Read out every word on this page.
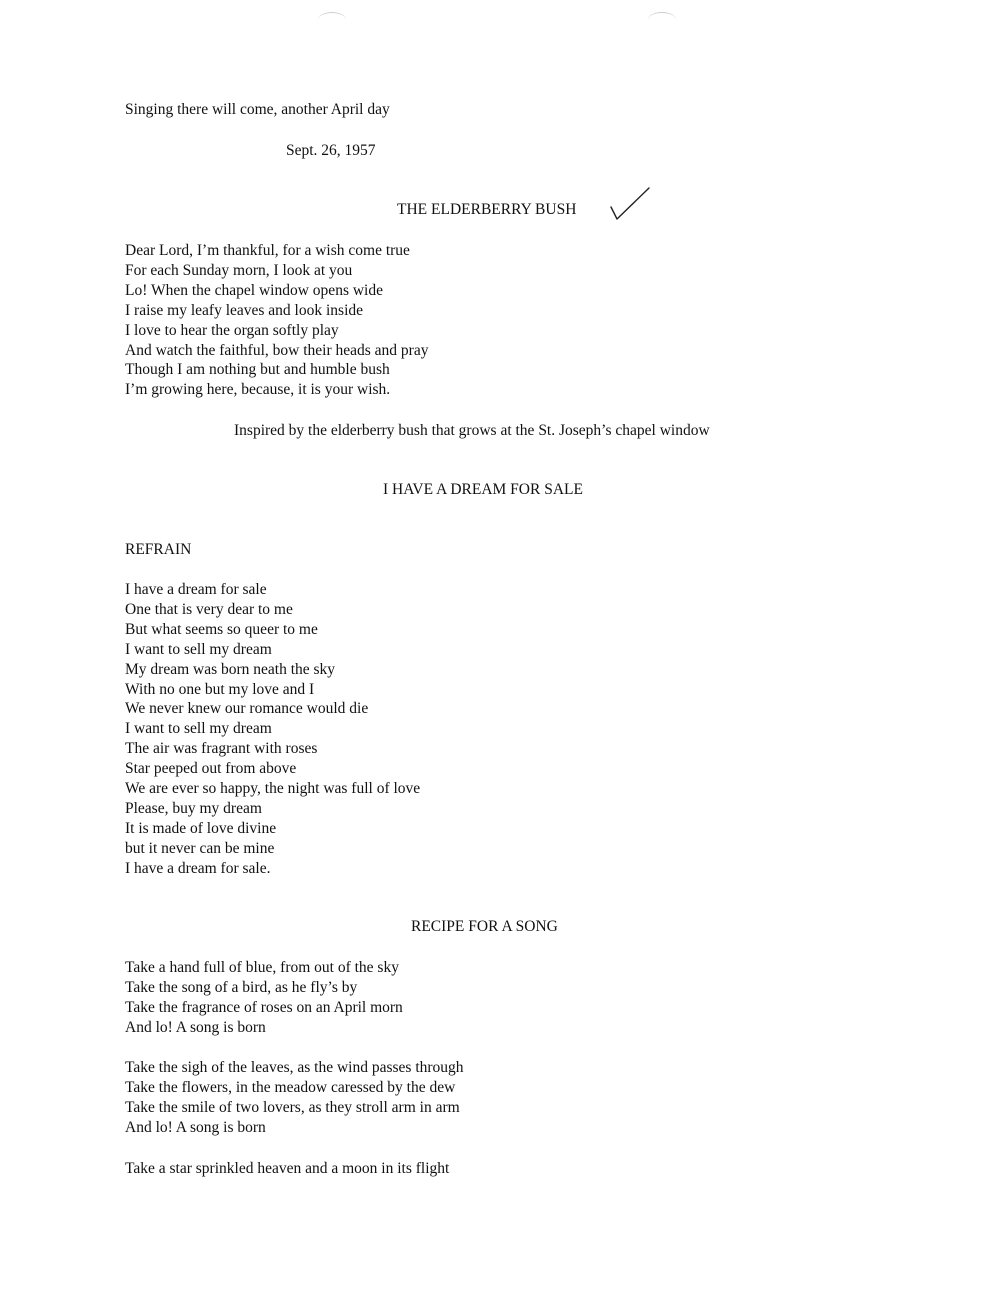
Singing there will come, another April day
Sept. 26, 1957
THE ELDERBERRY BUSH
Dear Lord, I’m thankful, for a wish come true
For each Sunday morn, I look at you
Lo! When the chapel window opens wide
I raise my leafy leaves and look inside
I love to hear the organ softly play
And watch the faithful, bow their heads and pray
Though I am nothing but and humble bush
I’m growing here, because, it is your wish.
Inspired by the elderberry bush that grows at the St. Joseph’s chapel window
I HAVE A DREAM FOR SALE
REFRAIN
I have a dream for sale
One that is very dear to me
But what seems so queer to me
I want to sell my dream
My dream was born neath the sky
With no one but my love and I
We never knew our romance would die
I want to sell my dream
The air was fragrant with roses
Star peeped out from above
We are ever so happy, the night was full of love
Please, buy my dream
It is made of love divine
but it never can be mine
I have a dream for sale.
RECIPE FOR A SONG
Take a hand full of blue, from out of the sky
Take the song of a bird, as he fly’s by
Take the fragrance of roses on an April morn
And lo! A song is born
Take the sigh of the leaves, as the wind passes through
Take the flowers, in the meadow caressed by the dew
Take the smile of two lovers, as they stroll arm in arm
And lo! A song is born
Take a star sprinkled heaven and a moon in its flight
